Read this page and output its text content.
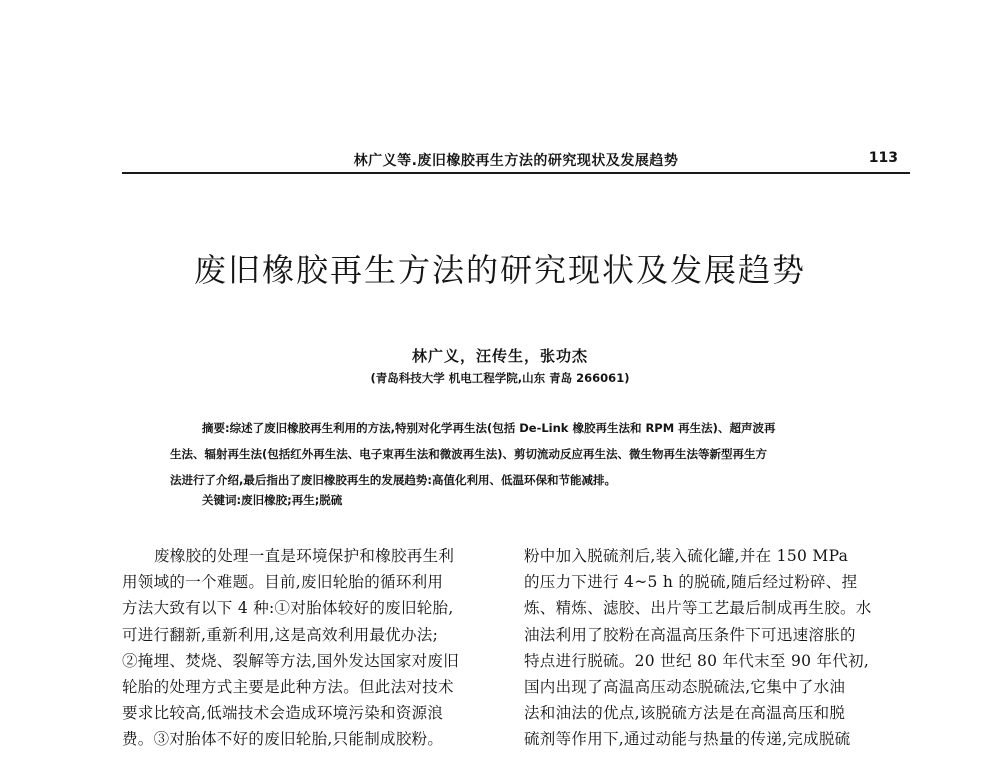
林广义等.废旧橡胶再生方法的研究现状及发展趋势	113
废旧橡胶再生方法的研究现状及发展趋势
林广义，汪传生，张功杰
(青岛科技大学 机电工程学院,山东 青岛 266061)

摘要:综述了废旧橡胶再生利用的方法,特别对化学再生法(包括 De-Link 橡胶再生法和 RPM 再生法)、超声波再

生法、辐射再生法(包括红外再生法、电子束再生法和微波再生法)、剪切流动反应再生法、微生物再生法等新型再生方

法进行了介绍,最后指出了废旧橡胶再生的发展趋势:高值化利用、低温环保和节能减排。

关键词:废旧橡胶;再生;脱硫
废橡胶的处理一直是环境保护和橡胶再生利
用领域的一个难题。目前,废旧轮胎的循环利用
方法大致有以下 4 种:①对胎体较好的废旧轮胎,
可进行翻新,重新利用,这是高效利用最优办法;
②掩埋、焚烧、裂解等方法,国外发达国家对废旧
轮胎的处理方式主要是此种方法。但此法对技术
要求比较高,低端技术会造成环境污染和资源浪
费。③对胎体不好的废旧轮胎,只能制成胶粉。
粉中加入脱硫剂后,装入硫化罐,并在 150 MPa
的压力下进行 4~5 h 的脱硫,随后经过粉碎、捏
炼、精炼、滤胶、出片等工艺最后制成再生胶。水
油法利用了胶粉在高温高压条件下可迅速溶胀的
特点进行脱硫。20 世纪 80 年代末至 90 年代初,
国内出现了高温高压动态脱硫法,它集中了水油
法和油法的优点,该脱硫方法是在高温高压和脱
硫剂等作用下,通过动能与热量的传递,完成脱硫
